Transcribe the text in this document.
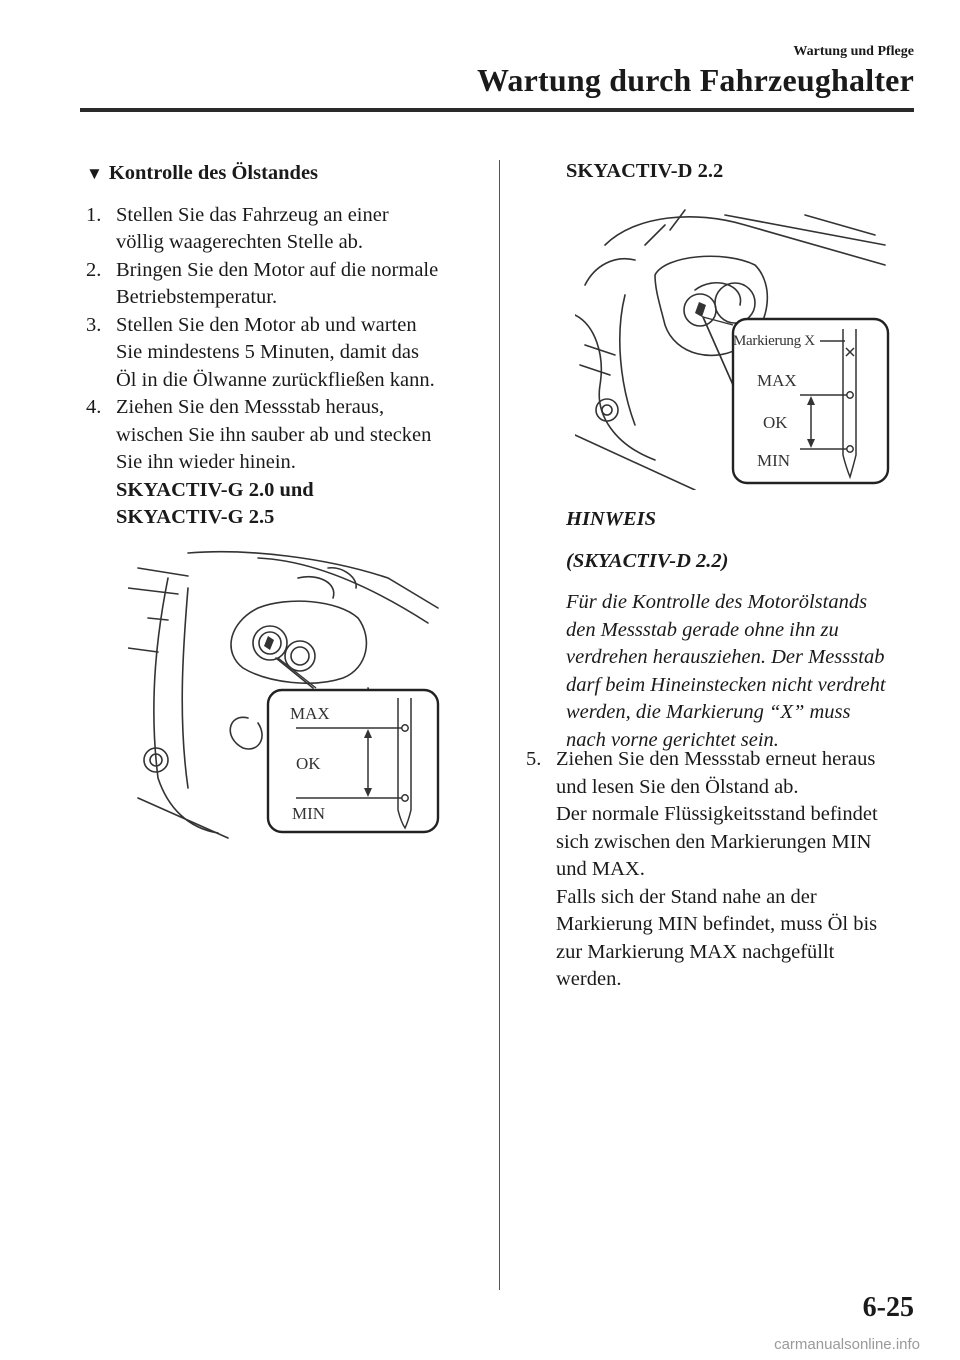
Wartung und Pflege
Wartung durch Fahrzeughalter
▼ Kontrolle des Ölstandes
1. Stellen Sie das Fahrzeug an einer
völlig waagerechten Stelle ab.
2. Bringen Sie den Motor auf die normale
Betriebstemperatur.
3. Stellen Sie den Motor ab und warten
Sie mindestens 5 Minuten, damit das
Öl in die Ölwanne zurückfließen kann.
4. Ziehen Sie den Messstab heraus,
wischen Sie ihn sauber ab und stecken
Sie ihn wieder hinein.
SKYACTIV-G 2.0 und
SKYACTIV-G 2.5
MAX
OK
MIN
SKYACTIV-D 2.2
Markierung X
MAX
OK
MIN
HINWEIS
(SKYACTIV-D 2.2)
Für die Kontrolle des Motorölstands
den Messstab gerade ohne ihn zu
verdrehen herausziehen. Der Messstab
darf beim Hineinstecken nicht verdreht
werden, die Markierung “X” muss
nach vorne gerichtet sein.
5. Ziehen Sie den Messstab erneut heraus
und lesen Sie den Ölstand ab.
Der normale Flüssigkeitsstand befindet
sich zwischen den Markierungen MIN
und MAX.
Falls sich der Stand nahe an der
Markierung MIN befindet, muss Öl bis
zur Markierung MAX nachgefüllt
werden.
6-25
carmanualsonline.info
